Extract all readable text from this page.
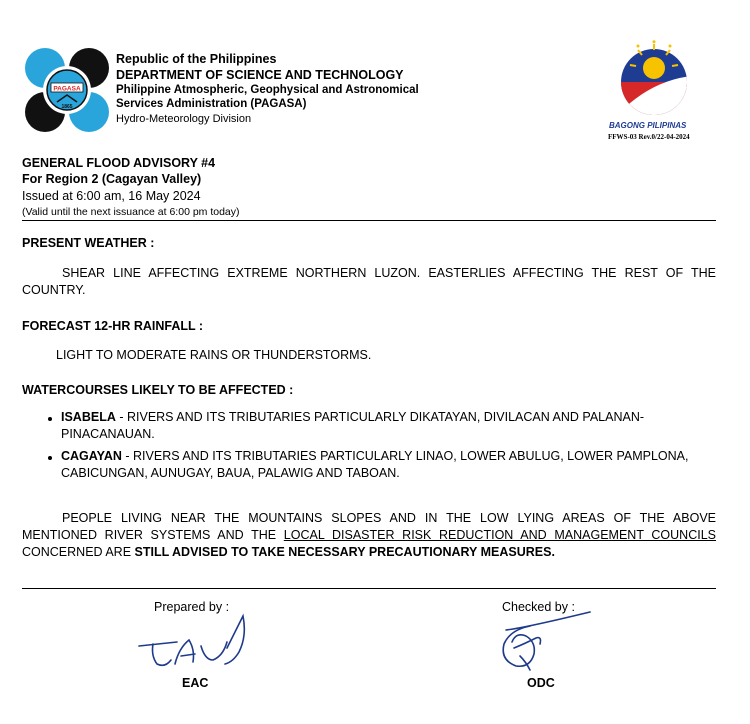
PAGASA
1865
Republic of the Philippines
DEPARTMENT OF SCIENCE AND TECHNOLOGY
Philippine Atmospheric, Geophysical and Astronomical
Services Administration (PAGASA)
Hydro-Meteorology Division
BAGONG PILIPINAS
FFWS-03 Rev.0/22-04-2024
GENERAL FLOOD ADVISORY #4
For Region 2 (Cagayan Valley)
Issued at 6:00 am, 16 May 2024
(Valid until the next issuance at 6:00 pm today)
PRESENT WEATHER :
SHEAR LINE AFFECTING EXTREME NORTHERN LUZON. EASTERLIES AFFECTING THE REST OF THE COUNTRY.
FORECAST 12-HR RAINFALL :
LIGHT TO MODERATE RAINS OR THUNDERSTORMS.
WATERCOURSES LIKELY TO BE AFFECTED :
ISABELA - RIVERS AND ITS TRIBUTARIES PARTICULARLY DIKATAYAN, DIVILACAN AND PALANAN-PINACANAUAN.
CAGAYAN - RIVERS AND ITS TRIBUTARIES PARTICULARLY LINAO, LOWER ABULUG, LOWER PAMPLONA, CABICUNGAN, AUNUGAY, BAUA, PALAWIG AND TABOAN.
PEOPLE LIVING NEAR THE MOUNTAINS SLOPES AND IN THE LOW LYING AREAS OF THE ABOVE MENTIONED RIVER SYSTEMS AND THE LOCAL DISASTER RISK REDUCTION AND MANAGEMENT COUNCILS CONCERNED ARE STILL ADVISED TO TAKE NECESSARY PRECAUTIONARY MEASURES.
Prepared by :	Checked by :
EAC	ODC
